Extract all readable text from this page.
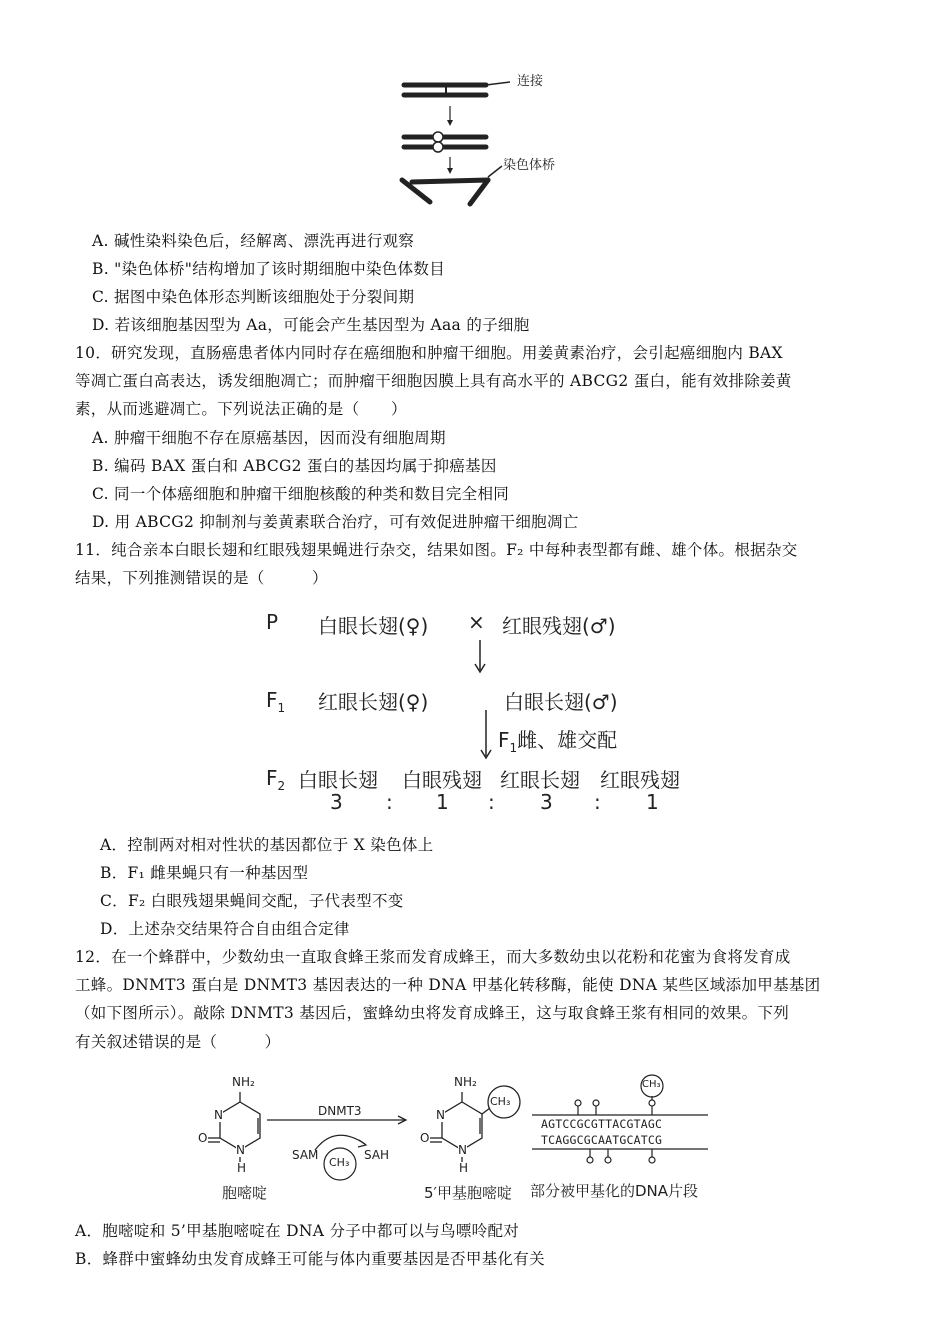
连接
染色体桥
A. 碱性染料染色后，经解离、漂洗再进行观察
B. "染色体桥"结构增加了该时期细胞中染色体数目
C. 据图中染色体形态判断该细胞处于分裂间期
D. 若该细胞基因型为 Aa，可能会产生基因型为 Aaa 的子细胞
10．研究发现，直肠癌患者体内同时存在癌细胞和肿瘤干细胞。用姜黄素治疗，会引起癌细胞内 BAX
等凋亡蛋白高表达，诱发细胞凋亡；而肿瘤干细胞因膜上具有高水平的 ABCG2 蛋白，能有效排除姜黄
素，从而逃避凋亡。下列说法正确的是（　　）
A. 肿瘤干细胞不存在原癌基因，因而没有细胞周期
B. 编码 BAX 蛋白和 ABCG2 蛋白的基因均属于抑癌基因
C. 同一个体癌细胞和肿瘤干细胞核酸的种类和数目完全相同
D. 用 ABCG2 抑制剂与姜黄素联合治疗，可有效促进肿瘤干细胞凋亡
11．纯合亲本白眼长翅和红眼残翅果蝇进行杂交，结果如图。F₂ 中每种表型都有雌、雄个体。根据杂交
结果，下列推测错误的是（　　　）
P 白眼长翅(♀) × 红眼残翅(♂)
$F_1$ 红眼长翅(♀)	白眼长翅(♂)
$F_1$雌、雄交配
$F_2$ 白眼长翅 白眼残翅 红眼长翅 红眼残翅
3 : 1 : 3 : 1
A．控制两对相对性状的基因都位于 X 染色体上
B．F₁ 雌果蝇只有一种基因型
C．F₂ 白眼残翅果蝇间交配，子代表型不变
D．上述杂交结果符合自由组合定律
12．在一个蜂群中，少数幼虫一直取食蜂王浆而发育成蜂王，而大多数幼虫以花粉和花蜜为食将发育成
工蜂。DNMT3 蛋白是 DNMT3 基因表达的一种 DNA 甲基化转移酶，能使 DNA 某些区域添加甲基基团
（如下图所示）。敲除 DNMT3 基因后，蜜蜂幼虫将发育成蜂王，这与取食蜂王浆有相同的效果。下列
有关叙述错误的是（　　　）
NH₂
N
N
O
H
胞嘧啶
DNMT3
SAM	SAH
CH₃
NH₂
N
N
O
H
CH₃
5′甲基胞嘧啶
CH₃
AGTCCGCGTTACGTAGC
TCAGGCGCAATGCATCG
部分被甲基化的DNA片段
A．胞嘧啶和 5’甲基胞嘧啶在 DNA 分子中都可以与鸟嘌呤配对
B．蜂群中蜜蜂幼虫发育成蜂王可能与体内重要基因是否甲基化有关
